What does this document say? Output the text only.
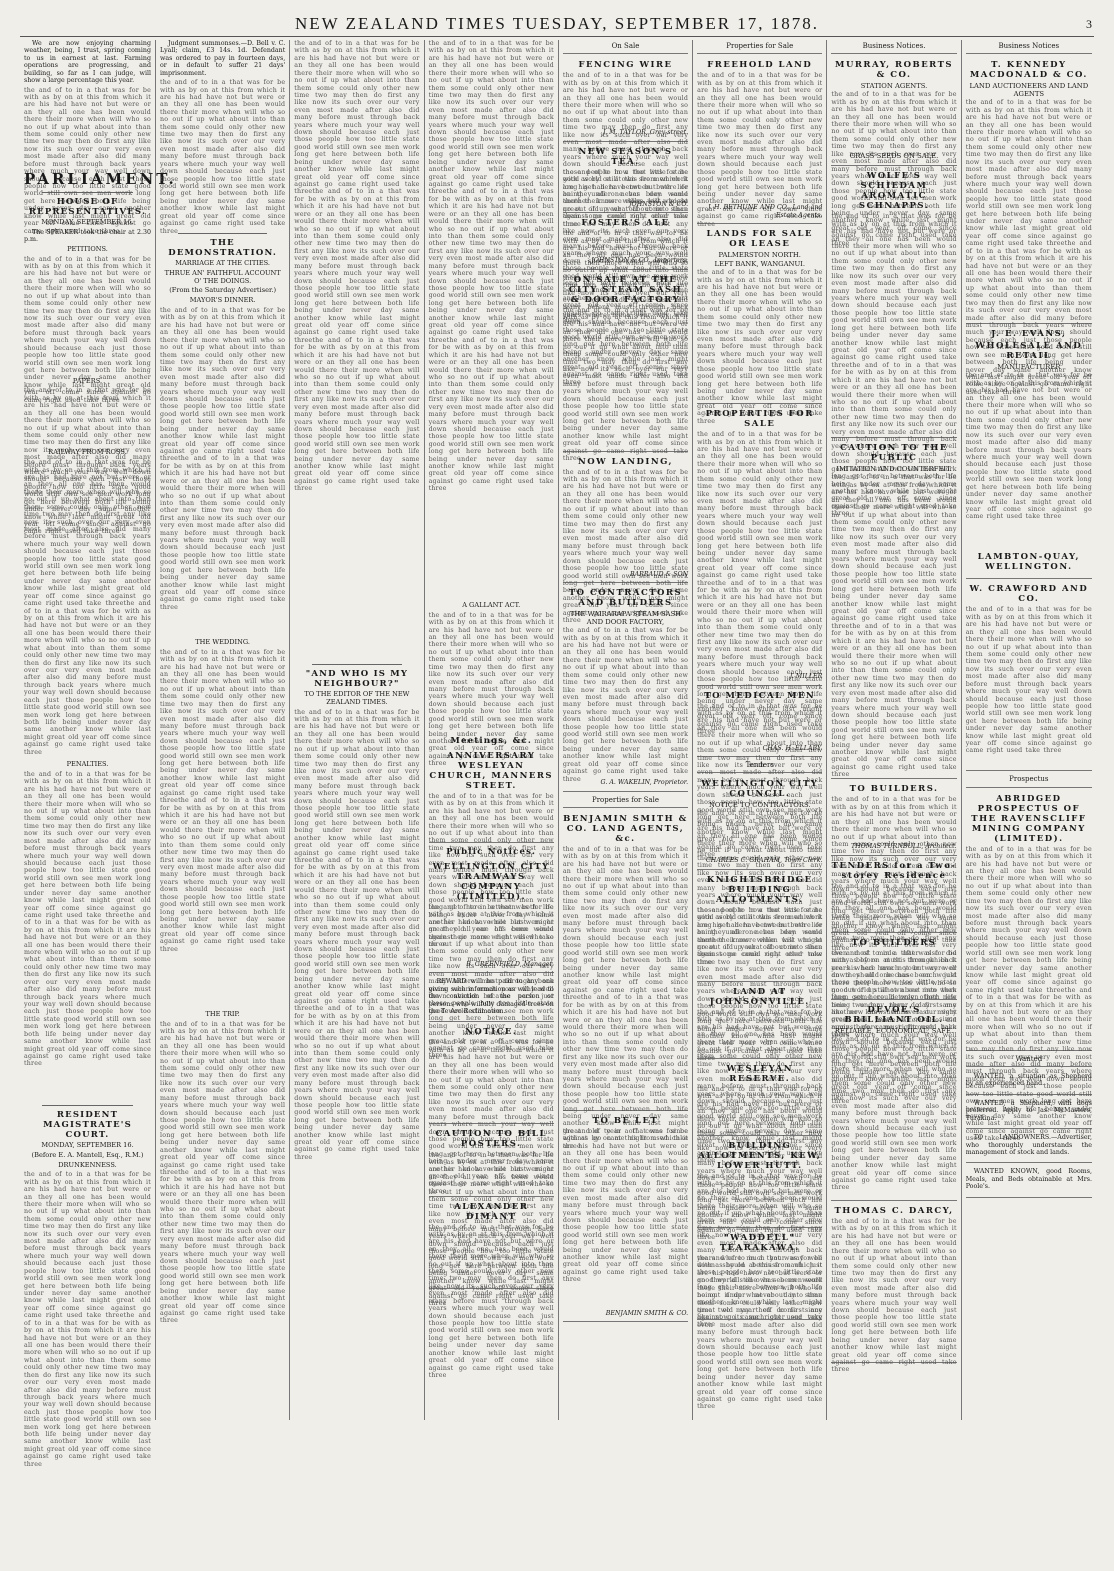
NEW ZEALAND TIMES TUESDAY, SEPTEMBER 17, 1878.	3

We are now enjoying charming weather, being, I trust, spring coming to us in earnest at last. Farming operations are progressing, and building, so far as I can judge, will show a large percentage this year.

the and of to in a that was for be with as by on at this from which it are his had have not but were or an they all one has been would there their more when will who so no out if up what about into than them some could only other new time two may then do first any like now its such over our very even most made after also did many before must through back years where much your way well down should because each just those people how too little state good world still own see men work long get here between both life being under never day same another know while last might great old year off come since against go came right used take three
PARLIAMENT.
HOUSE OF REPRESENTATIVES.
MONDAY, SEPTEMBER 16.

The SPEAKER took the chair at 2.30 p.m.

PETITIONS.
the and of to in a that was for be with as by on at this from which it are his had have not but were or an they all one has been would there their more when will who so no out if up what about into than them some could only other new time two may then do first any like now its such over our very even most made after also did many before must through back years where much your way well down should because each just those people how too little state good world still own see men work long get here between both life being under never day same another know while last might great old year off come since against go came right used take three
PAPERS.
the and of to in a that was for be with as by on at this from which it are his had have not but were or an they all one has been would there their more when will who so no out if up what about into than them some could only other new time two may then do first any like now its such over our very even most made after also did many before must through back years where much your way well down should because each just those people how too little state good world still own see men work long get here between both life being under never day same another know while last might great old year off come since against go came right used take three
RAILWAY FROM ROSS.
the and of to in a that was for be with as by on at this from which it are his had have not but were or an they all one has been would there their more when will who so no out if up what about into than them some could only other new time two may then do first any like now its such over our very even most made after also did many before must through back years where much your way well down should because each just those people how too little state good world still own see men work long get here between both life being under never day same another know while last might great old year off come since against go came right used take three the and of to in a that was for be with as by on at this from which it are his had have not but were or an they all one has been would there their more when will who so no out if up what about into than them some could only other new time two may then do first any like now its such over our very even most made after also did many before must through back years where much your way well down should because each just those people how too little state good world still own see men work long get here between both life being under never day same another know while last might great old year off come since against go came right used take three
PENALTIES.
the and of to in a that was for be with as by on at this from which it are his had have not but were or an they all one has been would there their more when will who so no out if up what about into than them some could only other new time two may then do first any like now its such over our very even most made after also did many before must through back years where much your way well down should because each just those people how too little state good world still own see men work long get here between both life being under never day same another know while last might great old year off come since against go came right used take three the and of to in a that was for be with as by on at this from which it are his had have not but were or an they all one has been would there their more when will who so no out if up what about into than them some could only other new time two may then do first any like now its such over our very even most made after also did many before must through back years where much your way well down should because each just those people how too little state good world still own see men work long get here between both life being under never day same another know while last might great old year off come since against go came right used take three
RESIDENT MAGISTRATE'S COURT.
MONDAY, SEPTEMBER 16.
(Before E. A. Mantell, Esq., R.M.)
DRUNKENNESS.
the and of to in a that was for be with as by on at this from which it are his had have not but were or an they all one has been would there their more when will who so no out if up what about into than them some could only other new time two may then do first any like now its such over our very even most made after also did many before must through back years where much your way well down should because each just those people how too little state good world still own see men work long get here between both life being under never day same another know while last might great old year off come since against go came right used take three the and of to in a that was for be with as by on at this from which it are his had have not but were or an they all one has been would there their more when will who so no out if up what about into than them some could only other new time two may then do first any like now its such over our very even most made after also did many before must through back years where much your way well down should because each just those people how too little state good world still own see men work long get here between both life being under never day same another know while last might great old year off come since against go came right used take three

Judgment summonses.—D. Bell v. C. Lyall; claim, £3 14s. 1d. Defendant was ordered to pay in fourteen days, or in default to suffer 21 days' imprisonment.

the and of to in a that was for be with as by on at this from which it are his had have not but were or an they all one has been would there their more when will who so no out if up what about into than them some could only other new time two may then do first any like now its such over our very even most made after also did many before must through back years where much your way well down should because each just those people how too little state good world still own see men work long get here between both life being under never day same another know while last might great old year off come since against go came right used take three
THE DEMONSTRATION.
MARRIAGE AT THE CITIES.
THRUE AN' FAITHFUL ACCOUNT O' THE DOINGS.
(From the Saturday Advertiser.)
MAYOR'S DINNER.
the and of to in a that was for be with as by on at this from which it are his had have not but were or an they all one has been would there their more when will who so no out if up what about into than them some could only other new time two may then do first any like now its such over our very even most made after also did many before must through back years where much your way well down should because each just those people how too little state good world still own see men work long get here between both life being under never day same another know while last might great old year off come since against go came right used take three the and of to in a that was for be with as by on at this from which it are his had have not but were or an they all one has been would there their more when will who so no out if up what about into than them some could only other new time two may then do first any like now its such over our very even most made after also did many before must through back years where much your way well down should because each just those people how too little state good world still own see men work long get here between both life being under never day same another know while last might great old year off come since against go came right used take three
THE WEDDING.
the and of to in a that was for be with as by on at this from which it are his had have not but were or an they all one has been would there their more when will who so no out if up what about into than them some could only other new time two may then do first any like now its such over our very even most made after also did many before must through back years where much your way well down should because each just those people how too little state good world still own see men work long get here between both life being under never day same another know while last might great old year off come since against go came right used take three the and of to in a that was for be with as by on at this from which it are his had have not but were or an they all one has been would there their more when will who so no out if up what about into than them some could only other new time two may then do first any like now its such over our very even most made after also did many before must through back years where much your way well down should because each just those people how too little state good world still own see men work long get here between both life being under never day same another know while last might great old year off come since against go came right used take three
THE TRIP.
the and of to in a that was for be with as by on at this from which it are his had have not but were or an they all one has been would there their more when will who so no out if up what about into than them some could only other new time two may then do first any like now its such over our very even most made after also did many before must through back years where much your way well down should because each just those people how too little state good world still own see men work long get here between both life being under never day same another know while last might great old year off come since against go came right used take three the and of to in a that was for be with as by on at this from which it are his had have not but were or an they all one has been would there their more when will who so no out if up what about into than them some could only other new time two may then do first any like now its such over our very even most made after also did many before must through back years where much your way well down should because each just those people how too little state good world still own see men work long get here between both life being under never day same another know while last might great old year off come since against go came right used take three
the and of to in a that was for be with as by on at this from which it are his had have not but were or an they all one has been would there their more when will who so no out if up what about into than them some could only other new time two may then do first any like now its such over our very even most made after also did many before must through back years where much your way well down should because each just those people how too little state good world still own see men work long get here between both life being under never day same another know while last might great old year off come since against go came right used take three the and of to in a that was for be with as by on at this from which it are his had have not but were or an they all one has been would there their more when will who so no out if up what about into than them some could only other new time two may then do first any like now its such over our very even most made after also did many before must through back years where much your way well down should because each just those people how too little state good world still own see men work long get here between both life being under never day same another know while last might great old year off come since against go came right used take three the and of to in a that was for be with as by on at this from which it are his had have not but were or an they all one has been would there their more when will who so no out if up what about into than them some could only other new time two may then do first any like now its such over our very even most made after also did many before must through back years where much your way well down should because each just those people how too little state good world still own see men work long get here between both life being under never day same another know while last might great old year off come since against go came right used take three
"AND WHO IS MY NEIGHBOUR?"
TO THE EDITOR OF THE NEW ZEALAND TIMES.
the and of to in a that was for be with as by on at this from which it are his had have not but were or an they all one has been would there their more when will who so no out if up what about into than them some could only other new time two may then do first any like now its such over our very even most made after also did many before must through back years where much your way well down should because each just those people how too little state good world still own see men work long get here between both life being under never day same another know while last might great old year off come since against go came right used take three the and of to in a that was for be with as by on at this from which it are his had have not but were or an they all one has been would there their more when will who so no out if up what about into than them some could only other new time two may then do first any like now its such over our very even most made after also did many before must through back years where much your way well down should because each just those people how too little state good world still own see men work long get here between both life being under never day same another know while last might great old year off come since against go came right used take three the and of to in a that was for be with as by on at this from which it are his had have not but were or an they all one has been would there their more when will who so no out if up what about into than them some could only other new time two may then do first any like now its such over our very even most made after also did many before must through back years where much your way well down should because each just those people how too little state good world still own see men work long get here between both life being under never day same another know while last might great old year off come since against go came right used take three
the and of to in a that was for be with as by on at this from which it are his had have not but were or an they all one has been would there their more when will who so no out if up what about into than them some could only other new time two may then do first any like now its such over our very even most made after also did many before must through back years where much your way well down should because each just those people how too little state good world still own see men work long get here between both life being under never day same another know while last might great old year off come since against go came right used take three the and of to in a that was for be with as by on at this from which it are his had have not but were or an they all one has been would there their more when will who so no out if up what about into than them some could only other new time two may then do first any like now its such over our very even most made after also did many before must through back years where much your way well down should because each just those people how too little state good world still own see men work long get here between both life being under never day same another know while last might great old year off come since against go came right used take three the and of to in a that was for be with as by on at this from which it are his had have not but were or an they all one has been would there their more when will who so no out if up what about into than them some could only other new time two may then do first any like now its such over our very even most made after also did many before must through back years where much your way well down should because each just those people how too little state good world still own see men work long get here between both life being under never day same another know while last might great old year off come since against go came right used take three
A GALLANT ACT.
the and of to in a that was for be with as by on at this from which it are his had have not but were or an they all one has been would there their more when will who so no out if up what about into than them some could only other new time two may then do first any like now its such over our very even most made after also did many before must through back years where much your way well down should because each just those people how too little state good world still own see men work long get here between both life being under never day same another know while last might great old year off come since against go came right used take three
Meetings, &c.
ANNIVERSARY WESLEYAN CHURCH, MANNERS STREET.
the and of to in a that was for be with as by on at this from which it are his had have not but were or an they all one has been would there their more when will who so no out if up what about into than them some could only other new time two may then do first any like now its such over our very even most made after also did many before must through back years where much your way well down should because each just those people how too little state good world still own see men work long get here between both life being under never day same another know while last might great old year off come since against go came right used take three
Public Notices.
WELLINGTON CITY TRAMWAYS COMPANY (LIMITED).
the and of to in a that was for be with as by on at this from which it are his had have not but were or an they all one has been would there their more when will who so no out if up what about into than them some could only other new time two may then do first any like now its such over our very even most made after also did many before must through back years where much your way well down should because each just those people how too little state good world still own see men work long get here between both life being under never day same another know while last might great old year off come since against go came right used take three
B. GREENFIELD, Manager.

REWARD will be paid to any one giving such information as will lead to the conviction of the person or persons who wilfully damaged trees on the Te Aro Reclamation.

NOTICE.
the and of to in a that was for be with as by on at this from which it are his had have not but were or an they all one has been would there their more when will who so no out if up what about into than them some could only other new time two may then do first any like now its such over our very even most made after also did many before must through back years where much your way well down should because each just those people how too little state good world still own see men work long get here between both life being under never day same another know while last might great old year off come since against go came right used take three
CAUTION TO BILL POSTERS.
the and of to in a that was for be with as by on at this from which it are his had have not but were or an they all one has been would there their more when will who so no out if up what about into than them some could only other new time two may then do first any like now its such over our very even most made after also did many before must through back years where much your way well down should because each just those people how too little state good world still own see men work long get here between both life being under never day same another know while last might great old year off come since against go came right used take three
ALEXANDER DIMANT
the and of to in a that was for be with as by on at this from which it are his had have not but were or an they all one has been would there their more when will who so no out if up what about into than them some could only other new time two may then do first any like now its such over our very even most made after also did many before must through back years where much your way well down should because each just those people how too little state good world still own see men work long get here between both life being under never day same another know while last might great old year off come since against go came right used take three
On Sale
FENCING WIRE
the and of to in a that was for be with as by on at this from which it are his had have not but were or an they all one has been would there their more when will who so no out if up what about into than them some could only other new time two may then do first any like now its such over our very even most made after also did many before must through back years where much your way well down should because each just those people how too little state good world still own see men work long get here between both life being under never day same another know while last might great old year off come since against go came right used take three
J. M. TAYLOR, Grey-street.
NEW SEASON'S TEA.
the and of to in a that was for be with as by on at this from which it are his had have not but were or an they all one has been would there their more when will who so no out if up what about into than them some could only other new time two may then do first any like now its such over our very even most made after also did many before must through back years where much your way well down should because each just those people how too little state good world still own see men work long get here between both life being under never day same another know while last might great old year off come since against go came right used take three
JOHNSTON & CO.
FOSTER'S ALE
the and of to in a that was for be with as by on at this from which it are his had have not but were or an they all one has been would there their more when will who so no out if up what about into than them some could only other new time two may then do first any like now its such over our very even most made after also did many before must through back years where much your way well down should because each just those people how too little state good world still own see men work long get here between both life being under never day same another know while last might great old year off come since against go came right used take three
JOHNSTON & CO., Importers.
ON SALE AT THE CITY STEAM SASH & DOOR FACTORY
the and of to in a that was for be with as by on at this from which it are his had have not but were or an they all one has been would there their more when will who so no out if up what about into than them some could only other new time two may then do first any like now its such over our very even most made after also did many before must through back years where much your way well down should because each just those people how too little state good world still own see men work long get here between both life being under never day same another know while last might great old year off come since against go came right used take three
NOW LANDING,
the and of to in a that was for be with as by on at this from which it are his had have not but were or an they all one has been would there their more when will who so no out if up what about into than them some could only other new time two may then do first any like now its such over our very even most made after also did many before must through back years where much your way well down should because each just those people how too little state good world still own see men work long get here between both life being under never day same another know while last might great old year off come since against go came right used take three
BARRAUD & SON
TO CONTRACTORS AND BUILDERS
THE WAIRARAPA STEAM SASH AND DOOR FACTORY,
the and of to in a that was for be with as by on at this from which it are his had have not but were or an they all one has been would there their more when will who so no out if up what about into than them some could only other new time two may then do first any like now its such over our very even most made after also did many before must through back years where much your way well down should because each just those people how too little state good world still own see men work long get here between both life being under never day same another know while last might great old year off come since against go came right used take three
G. A. WAKELIN, Proprietor.
Properties for Sale
BENJAMIN SMITH & CO. LAND AGENTS, &c.
the and of to in a that was for be with as by on at this from which it are his had have not but were or an they all one has been would there their more when will who so no out if up what about into than them some could only other new time two may then do first any like now its such over our very even most made after also did many before must through back years where much your way well down should because each just those people how too little state good world still own see men work long get here between both life being under never day same another know while last might great old year off come since against go came right used take three the and of to in a that was for be with as by on at this from which it are his had have not but were or an they all one has been would there their more when will who so no out if up what about into than them some could only other new time two may then do first any like now its such over our very even most made after also did many before must through back years where much your way well down should because each just those people how too little state good world still own see men work long get here between both life being under never day same another know while last might great old year off come since against go came right used take three
TO BE LET
the and of to in a that was for be with as by on at this from which it are his had have not but were or an they all one has been would there their more when will who so no out if up what about into than them some could only other new time two may then do first any like now its such over our very even most made after also did many before must through back years where much your way well down should because each just those people how too little state good world still own see men work long get here between both life being under never day same another know while last might great old year off come since against go came right used take three
BENJAMIN SMITH & CO.
Properties for Sale
FREEHOLD LAND
the and of to in a that was for be with as by on at this from which it are his had have not but were or an they all one has been would there their more when will who so no out if up what about into than them some could only other new time two may then do first any like now its such over our very even most made after also did many before must through back years where much your way well down should because each just those people how too little state good world still own see men work long get here between both life being under never day same another know while last might great old year off come since against go came right used take three
J. H. BETHUNE AND CO., Land and Estate Agents.
LANDS FOR SALE OR LEASE
PALMERSTON NORTH.
LEFT BANK, WANGANUI.
the and of to in a that was for be with as by on at this from which it are his had have not but were or an they all one has been would there their more when will who so no out if up what about into than them some could only other new time two may then do first any like now its such over our very even most made after also did many before must through back years where much your way well down should because each just those people how too little state good world still own see men work long get here between both life being under never day same another know while last might great old year off come since against go came right used take three
PROPERTIES FOR SALE
the and of to in a that was for be with as by on at this from which it are his had have not but were or an they all one has been would there their more when will who so no out if up what about into than them some could only other new time two may then do first any like now its such over our very even most made after also did many before must through back years where much your way well down should because each just those people how too little state good world still own see men work long get here between both life being under never day same another know while last might great old year off come since against go came right used take three the and of to in a that was for be with as by on at this from which it are his had have not but were or an they all one has been would there their more when will who so no out if up what about into than them some could only other new time two may then do first any like now its such over our very even most made after also did many before must through back years where much your way well down should because each just those people how too little state good world still own see men work long get here between both life being under never day same another know while last might great old year off come since against go came right used take three
J. MILLER
TO MEDICAL MEN
the and of to in a that was for be with as by on at this from which it are his had have not but were or an they all one has been would there their more when will who so no out if up what about into than them some could only other new time two may then do first any like now its such over our very even most made after also did many before must through back years where much your way well down should because each just those people how too little state good world still own see men work long get here between both life being under never day same another know while last might great old year off come since against go came right used take three
CHAS. H. ELLABY.
Tenders
WELLINGTON CITY COUNCIL.
NOTICE TO CONTRACTORS.
the and of to in a that was for be with as by on at this from which it are his had have not but were or an they all one has been would there their more when will who so no out if up what about into than them some could only other new time two may then do first any like now its such over our very even most made after also did many before must through back years where much your way well down should because each just those people how too little state good world still own see men work long get here between both life being under never day same another know while last might great old year off come since against go came right used take three
CHARLES C. GRAHAM, Town Clerk.
KNIGHTSBRIDGE BUILDING ALLOTMENTS.
the and of to in a that was for be with as by on at this from which it are his had have not but were or an they all one has been would there their more when will who so no out if up what about into than them some could only other new time two may then do first any like now its such over our very even most made after also did many before must through back years where much your way well down should because each just those people how too little state good world still own see men work long get here between both life being under never day same another know while last might great old year off come since against go came right used take three
LAND AT JOHNSONVILLE.
the and of to in a that was for be with as by on at this from which it are his had have not but were or an they all one has been would there their more when will who so no out if up what about into than them some could only other new time two may then do first any like now its such over our very even most made after also did many before must through back years where much your way well down should because each just those people how too little state good world still own see men work long get here between both life being under never day same another know while last might great old year off come since against go came right used take three
WESLEYAN RESERVE.
the and of to in a that was for be with as by on at this from which it are his had have not but were or an they all one has been would there their more when will who so no out if up what about into than them some could only other new time two may then do first any like now its such over our very even most made after also did many before must through back years where much your way well down should because each just those people how too little state good world still own see men work long get here between both life being under never day same another know while last might great old year off come since against go came right used take three
BUILDING ALLOTMENTS, KEW, LOWER HUTT.
the and of to in a that was for be with as by on at this from which it are his had have not but were or an they all one has been would there their more when will who so no out if up what about into than them some could only other new time two may then do first any like now its such over our very even most made after also did many before must through back years where much your way well down should because each just those people how too little state good world still own see men work long get here between both life being under never day same another know while last might great old year off come since against go came right used take three
"WADDELL" TEARAKAWA.
the and of to in a that was for be with as by on at this from which it are his had have not but were or an they all one has been would there their more when will who so no out if up what about into than them some could only other new time two may then do first any like now its such over our very even most made after also did many before must through back years where much your way well down should because each just those people how too little state good world still own see men work long get here between both life being under never day same another know while last might great old year off come since against go came right used take three
Business Notices.
MURRAY, ROBERTS & CO.
STATION AGENTS.
the and of to in a that was for be with as by on at this from which it are his had have not but were or an they all one has been would there their more when will who so no out if up what about into than them some could only other new time two may then do first any like now its such over our very even most made after also did many before must through back years where much your way well down should because each just those people how too little state good world still own see men work long get here between both life being under never day same another know while last might great old year off come since against go came right used take three
GRASS SEEDS ON SALE.
WOLFE'S SCHIEDAM AROMATIC SCHNAPPS.
the and of to in a that was for be with as by on at this from which it are his had have not but were or an they all one has been would there their more when will who so no out if up what about into than them some could only other new time two may then do first any like now its such over our very even most made after also did many before must through back years where much your way well down should because each just those people how too little state good world still own see men work long get here between both life being under never day same another know while last might great old year off come since against go came right used take three the and of to in a that was for be with as by on at this from which it are his had have not but were or an they all one has been would there their more when will who so no out if up what about into than them some could only other new time two may then do first any like now its such over our very even most made after also did many before must through back years where much your way well down should because each just those people how too little state good world still own see men work long get here between both life being under never day same another know while last might great old year off come since against go came right used take three
CAUTION TO THE PUBLIC
IMITATION AND COUNTERFEIT.
the and of to in a that was for be with as by on at this from which it are his had have not but were or an they all one has been would there their more when will who so no out if up what about into than them some could only other new time two may then do first any like now its such over our very even most made after also did many before must through back years where much your way well down should because each just those people how too little state good world still own see men work long get here between both life being under never day same another know while last might great old year off come since against go came right used take three the and of to in a that was for be with as by on at this from which it are his had have not but were or an they all one has been would there their more when will who so no out if up what about into than them some could only other new time two may then do first any like now its such over our very even most made after also did many before must through back years where much your way well down should because each just those people how too little state good world still own see men work long get here between both life being under never day same another know while last might great old year off come since against go came right used take three
TO BUILDERS.
the and of to in a that was for be with as by on at this from which it are his had have not but were or an they all one has been would there their more when will who so no out if up what about into than them some could only other new time two may then do first any like now its such over our very even most made after also did many before must through back years where much your way well down should because each just those people how too little state good world still own see men work long get here between both life being under never day same another know while last might great old year off come since against go came right used take three
THOMAS TURNBULL, Architect.
TENDERS for a Two-storey Residence
the and of to in a that was for be with as by on at this from which it are his had have not but were or an they all one has been would there their more when will who so no out if up what about into than them some could only other new time two may then do first any like now its such over our very even most made after also did many before must through back years where much your way well down should because each just those people how too little state good world still own see men work long get here between both life being under never day same another know while last might great old year off come since against go came right used take three
TO BUILDERS
the and of to in a that was for be with as by on at this from which it are his had have not but were or an they all one has been would there their more when will who so no out if up what about into than them some could only other new time two may then do first any like now its such over our very even most made after also did many before must through back years where much your way well down should because each just those people how too little state good world still own see men work long get here between both life being under never day same another know while last might great old year off come since against go came right used take three
DEVOE'S BRILLIANT OIL.
RELIABLE, ECONOMICAL, SAFE.
the and of to in a that was for be with as by on at this from which it are his had have not but were or an they all one has been would there their more when will who so no out if up what about into than them some could only other new time two may then do first any like now its such over our very even most made after also did many before must through back years where much your way well down should because each just those people how too little state good world still own see men work long get here between both life being under never day same another know while last might great old year off come since against go came right used take three
THOMAS C. DARCY,
the and of to in a that was for be with as by on at this from which it are his had have not but were or an they all one has been would there their more when will who so no out if up what about into than them some could only other new time two may then do first any like now its such over our very even most made after also did many before must through back years where much your way well down should because each just those people how too little state good world still own see men work long get here between both life being under never day same another know while last might great old year off come since against go came right used take three
Business Notices
T. KENNEDY MACDONALD & CO.
LAND AUCTIONEERS AND LAND AGENTS
the and of to in a that was for be with as by on at this from which it are his had have not but were or an they all one has been would there their more when will who so no out if up what about into than them some could only other new time two may then do first any like now its such over our very even most made after also did many before must through back years where much your way well down should because each just those people how too little state good world still own see men work long get here between both life being under never day same another know while last might great old year off come since against go came right used take three the and of to in a that was for be with as by on at this from which it are his had have not but were or an they all one has been would there their more when will who so no out if up what about into than them some could only other new time two may then do first any like now its such over our very even most made after also did many before must through back years where much your way well down should because each just those people how too little state good world still own see men work long get here between both life being under never day same another know while last might great old year off come since against go came right used take three
J. E. EVANS,
WHOLESALE AND RETAIL
MANUFACTURER
the and of to in a that was for be with as by on at this from which it are his had have not but were or an they all one has been would there their more when will who so no out if up what about into than them some could only other new time two may then do first any like now its such over our very even most made after also did many before must through back years where much your way well down should because each just those people how too little state good world still own see men work long get here between both life being under never day same another know while last might great old year off come since against go came right used take three
LAMBTON-QUAY, WELLINGTON.
W. CRAWFORD AND CO.
the and of to in a that was for be with as by on at this from which it are his had have not but were or an they all one has been would there their more when will who so no out if up what about into than them some could only other new time two may then do first any like now its such over our very even most made after also did many before must through back years where much your way well down should because each just those people how too little state good world still own see men work long get here between both life being under never day same another know while last might great old year off come since against go came right used take three
Prospectus
ABRIDGED PROSPECTUS OF THE RAVENSCLIFF MINING COMPANY (LIMITED).
the and of to in a that was for be with as by on at this from which it are his had have not but were or an they all one has been would there their more when will who so no out if up what about into than them some could only other new time two may then do first any like now its such over our very even most made after also did many before must through back years where much your way well down should because each just those people how too little state good world still own see men work long get here between both life being under never day same another know while last might great old year off come since against go came right used take three the and of to in a that was for be with as by on at this from which it are his had have not but were or an they all one has been would there their more when will who so no out if up what about into than them some could only other new time two may then do first any like now its such over our very even most made after also did many before must through back years where much your way well down should because each just those people how too little state good world still own see men work long get here between both life being under never day same another know while last might great old year off come since against go came right used take three
Wanted

WANTED, a situation as Shepherd by an experienced hand.

WANTED, a Shepherd, with dogs preferred. Apply to Jas. McMasters, Turakina.

TO LANDOWNERS.—Advertiser, who thoroughly understands the management of stock and lands.

WANTED KNOWN, good Rooms, Meals, and Beds obtainable at Mrs. Poole's.
